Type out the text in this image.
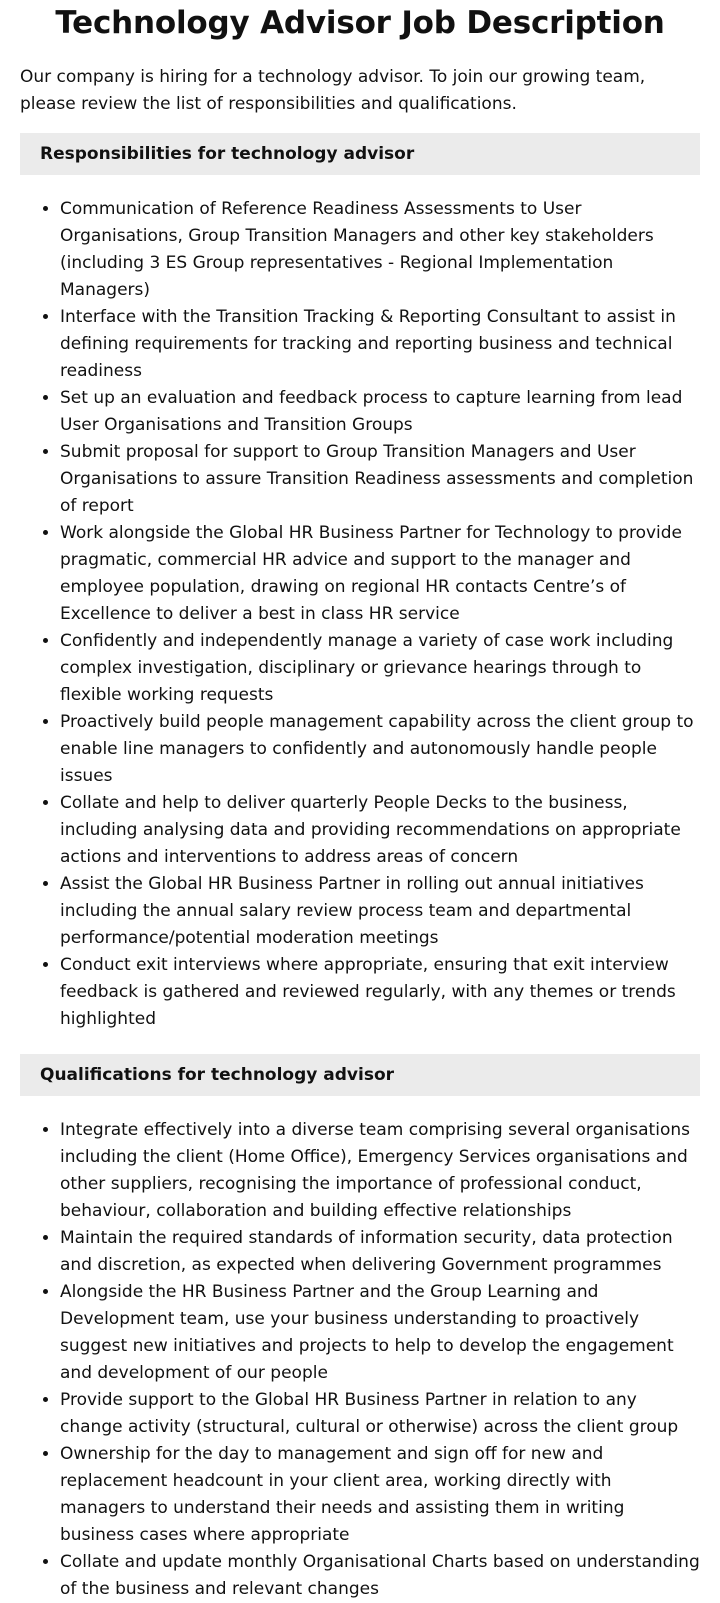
Technology Advisor Job Description

Our company is hiring for a technology advisor. To join our growing team, please review the list of responsibilities and qualifications.

Responsibilities for technology advisor
• Communication of Reference Readiness Assessments to User Organisations, Group Transition Managers and other key stakeholders (including 3 ES Group representatives - Regional Implementation Managers)
• Interface with the Transition Tracking & Reporting Consultant to assist in defining requirements for tracking and reporting business and technical readiness
• Set up an evaluation and feedback process to capture learning from lead User Organisations and Transition Groups
• Submit proposal for support to Group Transition Managers and User Organisations to assure Transition Readiness assessments and completion of report
• Work alongside the Global HR Business Partner for Technology to provide pragmatic, commercial HR advice and support to the manager and employee population, drawing on regional HR contacts Centre’s of Excellence to deliver a best in class HR service
• Confidently and independently manage a variety of case work including complex investigation, disciplinary or grievance hearings through to flexible working requests
• Proactively build people management capability across the client group to enable line managers to confidently and autonomously handle people issues
• Collate and help to deliver quarterly People Decks to the business, including analysing data and providing recommendations on appropriate actions and interventions to address areas of concern
• Assist the Global HR Business Partner in rolling out annual initiatives including the annual salary review process team and departmental performance/potential moderation meetings
• Conduct exit interviews where appropriate, ensuring that exit interview feedback is gathered and reviewed regularly, with any themes or trends highlighted
Qualifications for technology advisor
• Integrate effectively into a diverse team comprising several organisations including the client (Home Office), Emergency Services organisations and other suppliers, recognising the importance of professional conduct, behaviour, collaboration and building effective relationships
• Maintain the required standards of information security, data protection and discretion, as expected when delivering Government programmes
• Alongside the HR Business Partner and the Group Learning and Development team, use your business understanding to proactively suggest new initiatives and projects to help to develop the engagement and development of our people
• Provide support to the Global HR Business Partner in relation to any change activity (structural, cultural or otherwise) across the client group
• Ownership for the day to management and sign off for new and replacement headcount in your client area, working directly with managers to understand their needs and assisting them in writing business cases where appropriate
• Collate and update monthly Organisational Charts based on understanding of the business and relevant changes
